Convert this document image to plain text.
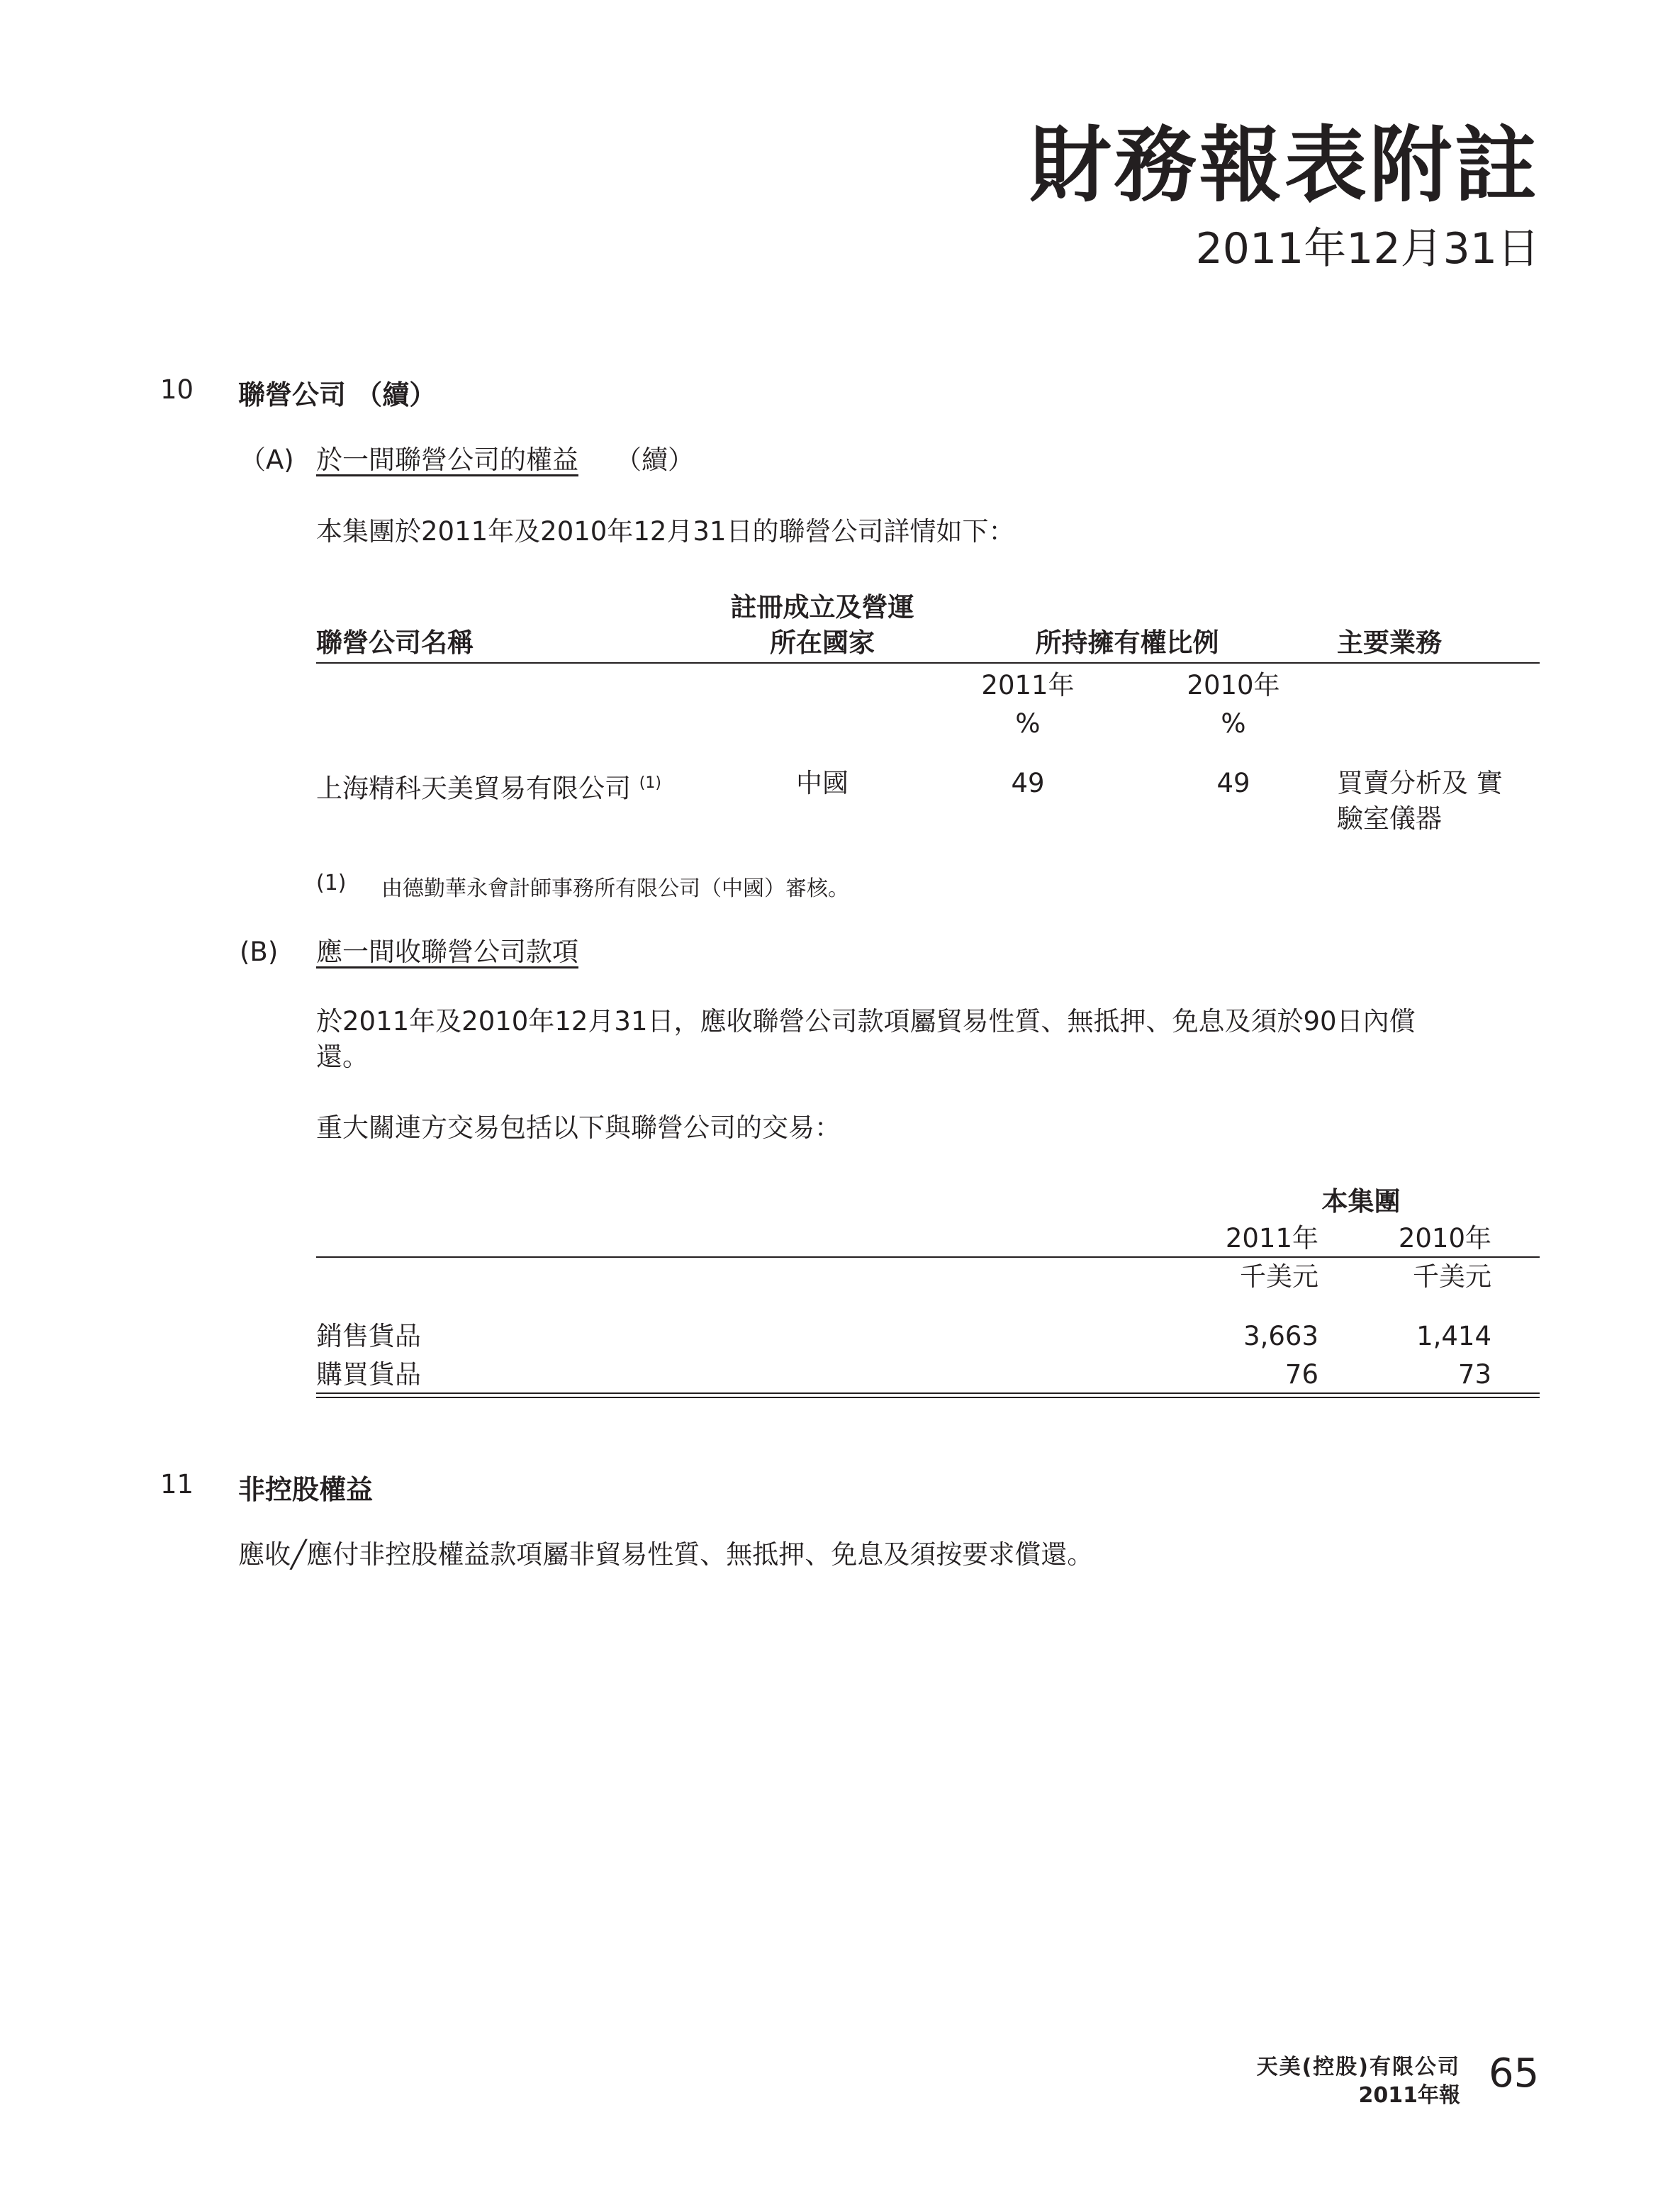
財務報表附註
2011年12月31日
10 聯營公司 （續）
（A) 於一間聯營公司的權益 （續）
本集團於2011年及2010年12月31日的聯營公司詳情如下：
註冊成立及營運
聯營公司名稱	所在國家	所持擁有權比例	主要業務
2011年	2010年
%	%
上海精科天美貿易有限公司 $^{(1)}$	中國	49	49	買賣分析及 實
驗室儀器
(1) 由德勤華永會計師事務所有限公司（中國）審核。
(B) 應一間收聯營公司款項
於2011年及2010年12月31日，應收聯營公司款項屬貿易性質、無抵押、免息及須於90日內償
還。
重大關連方交易包括以下與聯營公司的交易：
本集團
2011年	2010年
千美元	千美元
銷售貨品	3,663	1,414
購買貨品	76	73
11 非控股權益
應收╱應付非控股權益款項屬非貿易性質、無抵押、免息及須按要求償還。
天美(控股)有限公司
2011年報 65
